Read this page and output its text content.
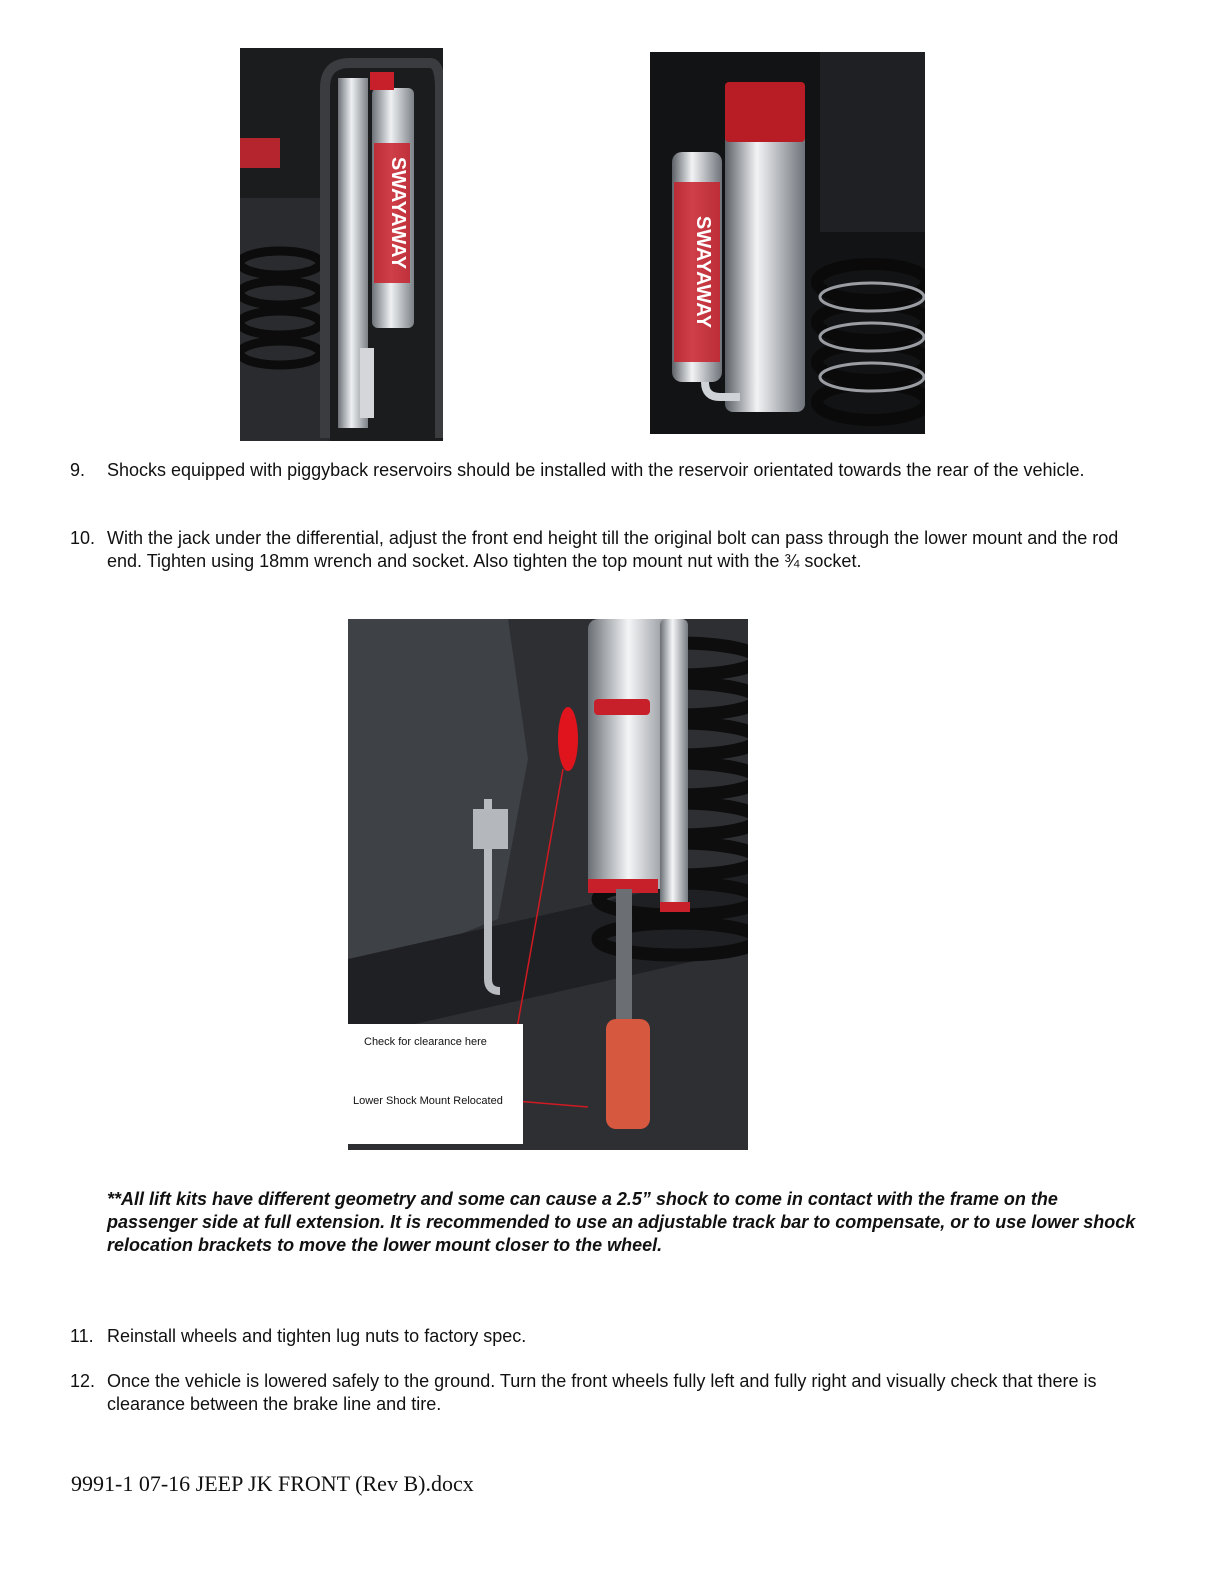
SWAYAWAY
SWAYAWAY
9. Shocks equipped with piggyback reservoirs should be installed with the reservoir orientated towards the rear of the vehicle.
10. With the jack under the differential, adjust the front end height till the original bolt can pass through the lower mount and the rod end. Tighten using 18mm wrench and socket. Also tighten the top mount nut with the ¾ socket.
Check for clearance here
Lower Shock Mount Relocated
**All lift kits have different geometry and some can cause a 2.5” shock to come in contact with the frame on the passenger side at full extension. It is recommended to use an adjustable track bar to compensate, or to use lower shock relocation brackets to move the lower mount closer to the wheel.
11. Reinstall wheels and tighten lug nuts to factory spec.
12. Once the vehicle is lowered safely to the ground. Turn the front wheels fully left and fully right and visually check that there is clearance between the brake line and tire.
9991-1 07-16 JEEP JK FRONT (Rev B).docx
